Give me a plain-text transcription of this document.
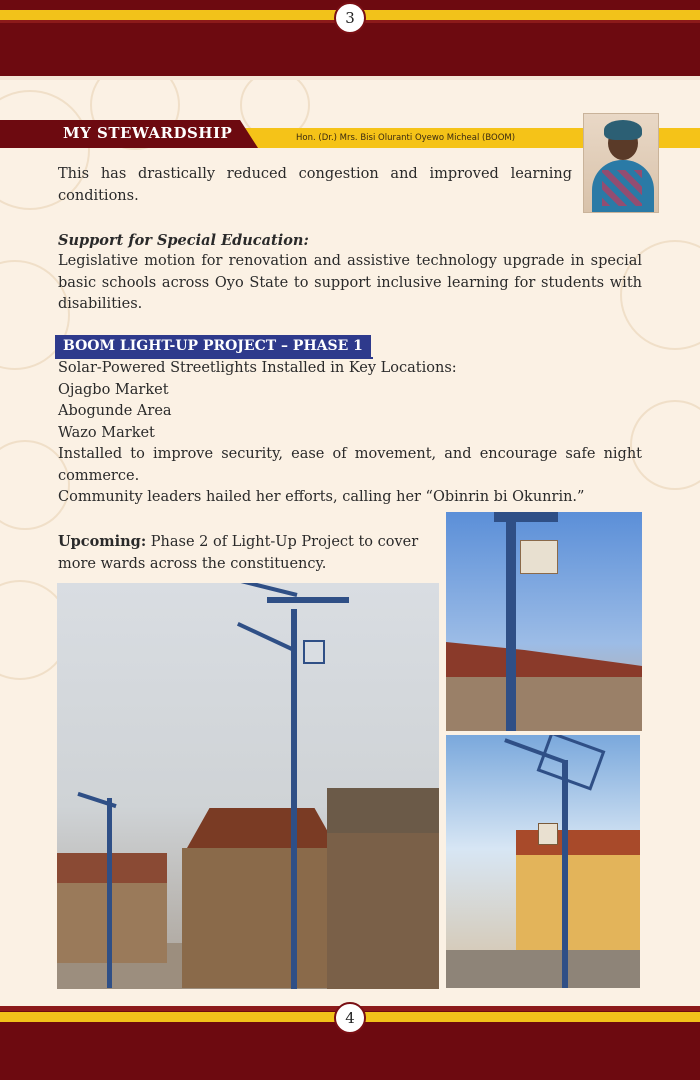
3
MY STEWARDSHIP	Hon. (Dr.) Mrs. Bisi Oluranti Oyewo Micheal (BOOM)
This has drastically reduced congestion and improved learning conditions.
Support for Special Education:
Legislative motion for renovation and assistive technology upgrade in special basic schools across Oyo State to support inclusive learning for students with disabilities.
BOOM LIGHT-UP PROJECT – PHASE 1
Solar-Powered Streetlights Installed in Key Locations:
Ojagbo Market
Abogunde Area
Wazo Market
Installed to improve security, ease of movement, and encourage safe night commerce.
Community leaders hailed her efforts, calling her “Obinrin bi Okunrin.”
Upcoming: Phase 2 of Light-Up Project to cover more wards across the constituency.
4
